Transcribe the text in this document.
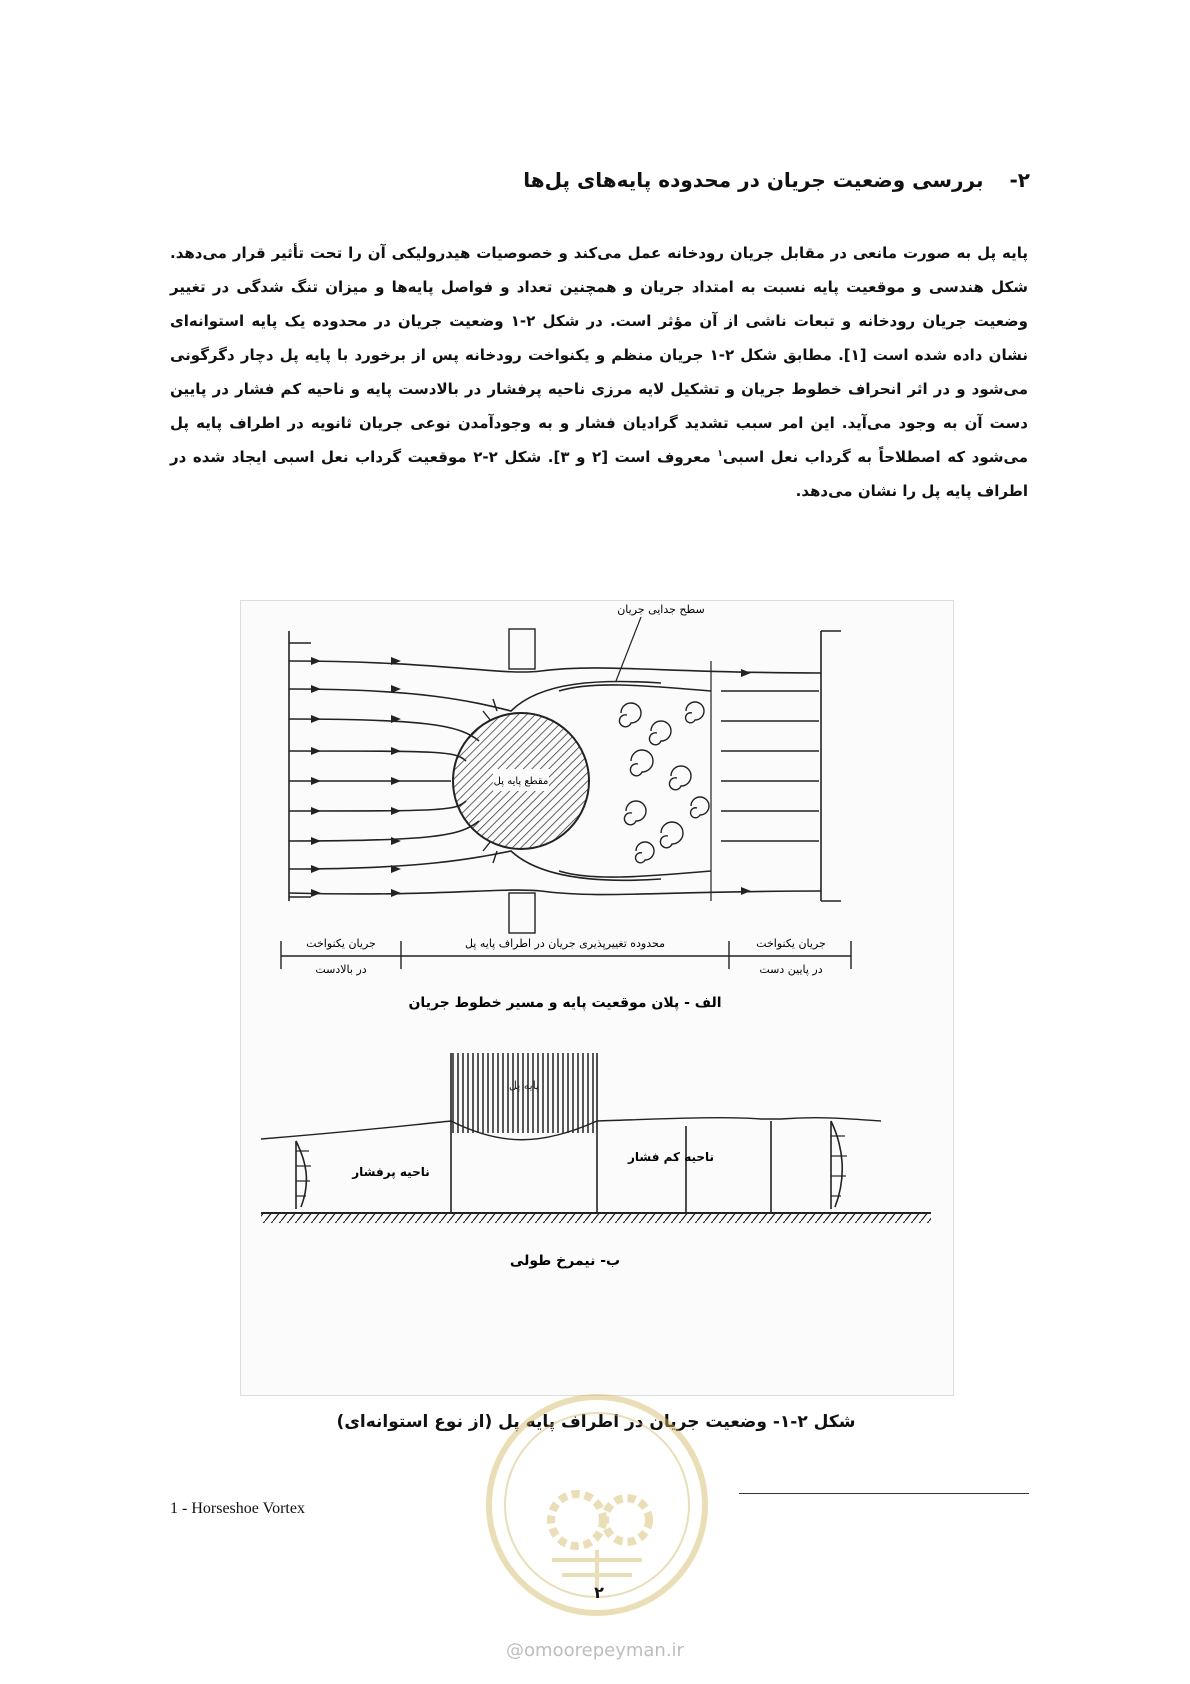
۲-بررسی وضعیت جریان در محدوده پایه‌های پل‌ها
پایه پل به صورت مانعی در مقابل جریان رودخانه عمل می‌کند و خصوصیات هیدرولیکی آن را تحت تأثیر قرار می‌دهد. شکل هندسی و موقعیت پایه نسبت به امتداد جریان و همچنین تعداد و فواصل پایه‌ها و میزان تنگ شدگی در تغییر وضعیت جریان رودخانه و تبعات ناشی از آن مؤثر است. در شکل ۲-۱ وضعیت جریان در محدوده یک پایه استوانه‌ای نشان داده شده است [۱]. مطابق شکل ۲-۱ جریان منظم و یکنواخت رودخانه پس از برخورد با پایه پل دچار دگرگونی می‌شود و در اثر انحراف خطوط جریان و تشکیل لایه مرزی ناحیه پرفشار در بالادست پایه و ناحیه کم فشار در پایین دست آن به وجود می‌آید. این امر سبب تشدید گرادیان فشار و به وجودآمدن نوعی جریان ثانویه در اطراف پایه پل می‌شود که اصطلاحاً به گرداب نعل اسبی$^۱$ معروف است [۲ و ۳]. شکل ۲-۲ موقعیت گرداب نعل اسبی ایجاد شده در اطراف پایه پل را نشان می‌دهد.
سطح جدایی جریان
مقطع پایه پل
جریان یکنواخت
در بالادست
محدوده تغییرپذیری جریان در اطراف پایه پل	جریان یکنواخت
در پایین دست
الف - پلان موقعیت پایه و مسیر خطوط جریان
پایه پل
ناحیه پرفشار
ناحیه کم فشار
ب- نیمرخ طولی
شکل ۲-۱- وضعیت جریان در اطراف پایه پل (از نوع استوانه‌ای)
1 - Horseshoe Vortex
۲
@omoorepeyman.ir
